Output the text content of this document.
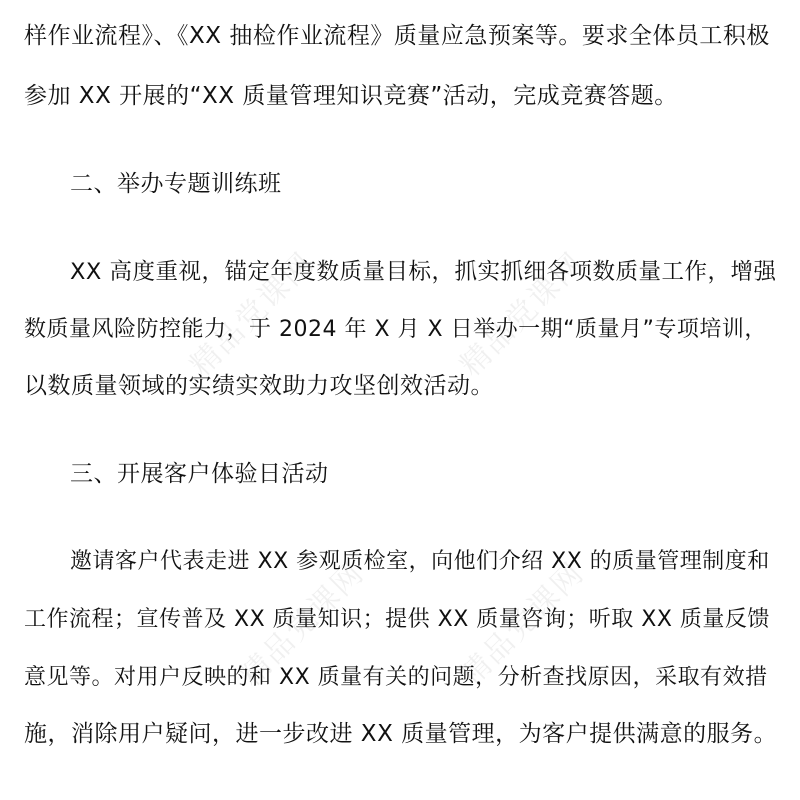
精品党课网	精品党课网
精品党课网	精品党课网
样作业流程》、《XX 抽检作业流程》质量应急预案等。要求全体员工积极
参加 XX 开展的“XX 质量管理知识竞赛”活动，完成竞赛答题。
二、举办专题训练班
XX 高度重视，锚定年度数质量目标，抓实抓细各项数质量工作，增强
数质量风险防控能力，于 2024 年 X 月 X 日举办一期“质量月”专项培训，
以数质量领域的实绩实效助力攻坚创效活动。
三、开展客户体验日活动
邀请客户代表走进 XX 参观质检室，向他们介绍 XX 的质量管理制度和
工作流程；宣传普及 XX 质量知识；提供 XX 质量咨询；听取 XX 质量反馈
意见等。对用户反映的和 XX 质量有关的问题，分析查找原因，采取有效措
施，消除用户疑问，进一步改进 XX 质量管理，为客户提供满意的服务。
